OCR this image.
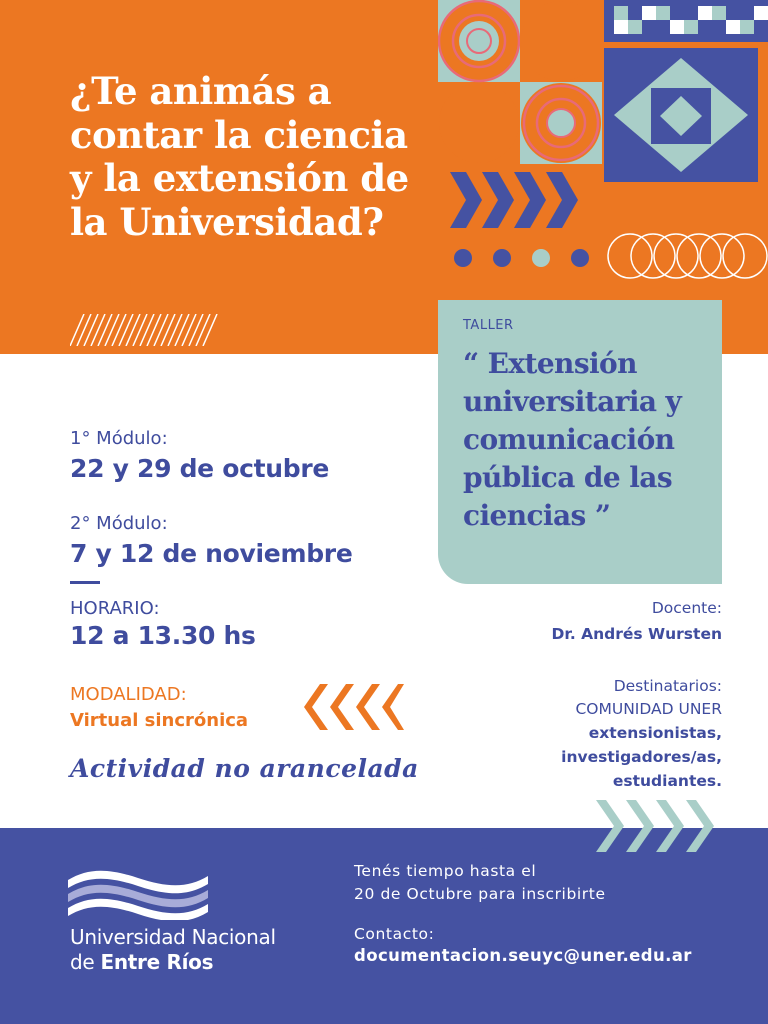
¿Te animás a contar la ciencia y la extensión de la Universidad?
TALLER
“ Extensión universitaria y comunicación pública de las ciencias ”
1° Módulo:
22 y 29 de octubre
2° Módulo:
7 y 12 de noviembre
HORARIO:
12 a 13.30 hs
MODALIDAD:
Virtual sincrónica
Actividad no arancelada
Docente:
Dr. Andrés Wursten
Destinatarios:
COMUNIDAD UNER
extensionistas,
investigadores/as,
estudiantes.
Universidad Nacional
de Entre Ríos
Tenés tiempo hasta el
20 de Octubre para inscribirte
Contacto:
documentacion.seuyc@uner.edu.ar
